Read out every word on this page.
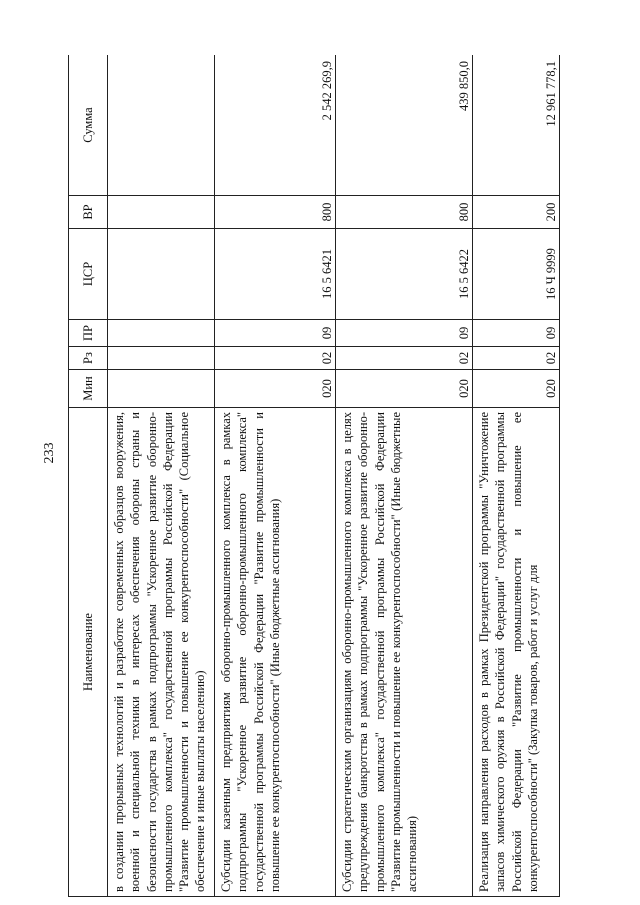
233
Наименование	Мин	Рз	ПР	ЦСР	ВР	Сумма
в создании прорывных технологий и разработке современных образцов вооружения, военной и специальной техники в интересах обеспечения обороны страны и безопасности государства в рамках подпрограммы "Ускоренное развитие оборонно-промышленного комплекса" государственной программы Российской Федерации "Развитие промышленности и повышение ее конкурентоспособности" (Социальное обеспечение и иные выплаты населению)						
Субсидии казенным предприятиям оборонно-промышленного комплекса в рамках подпрограммы "Ускоренное развитие оборонно-промышленного комплекса" государственной программы Российской Федерации "Развитие промышленности и повышение ее конкурентоспособности" (Иные бюджетные ассигнования)	020	02	09	16 5 6421	800	2 542 269,9
Субсидии стратегическим организациям оборонно-промышленного комплекса в целях предупреждения банкротства в рамках подпрограммы "Ускоренное развитие оборонно-промышленного комплекса" государственной программы Российской Федерации "Развитие промышленности и повышение ее конкурентоспособности" (Иные бюджетные ассигнования)	020	02	09	16 5 6422	800	439 850,0
Реализация направления расходов в рамках Президентской программы "Уничтожение запасов химического оружия в Российской Федерации" государственной программы Российской Федерации "Развитие промышленности и повышение ее конкурентоспособности" (Закупка товаров, работ и услуг для	020	02	09	16 Ч 9999	200	12 961 778,1
